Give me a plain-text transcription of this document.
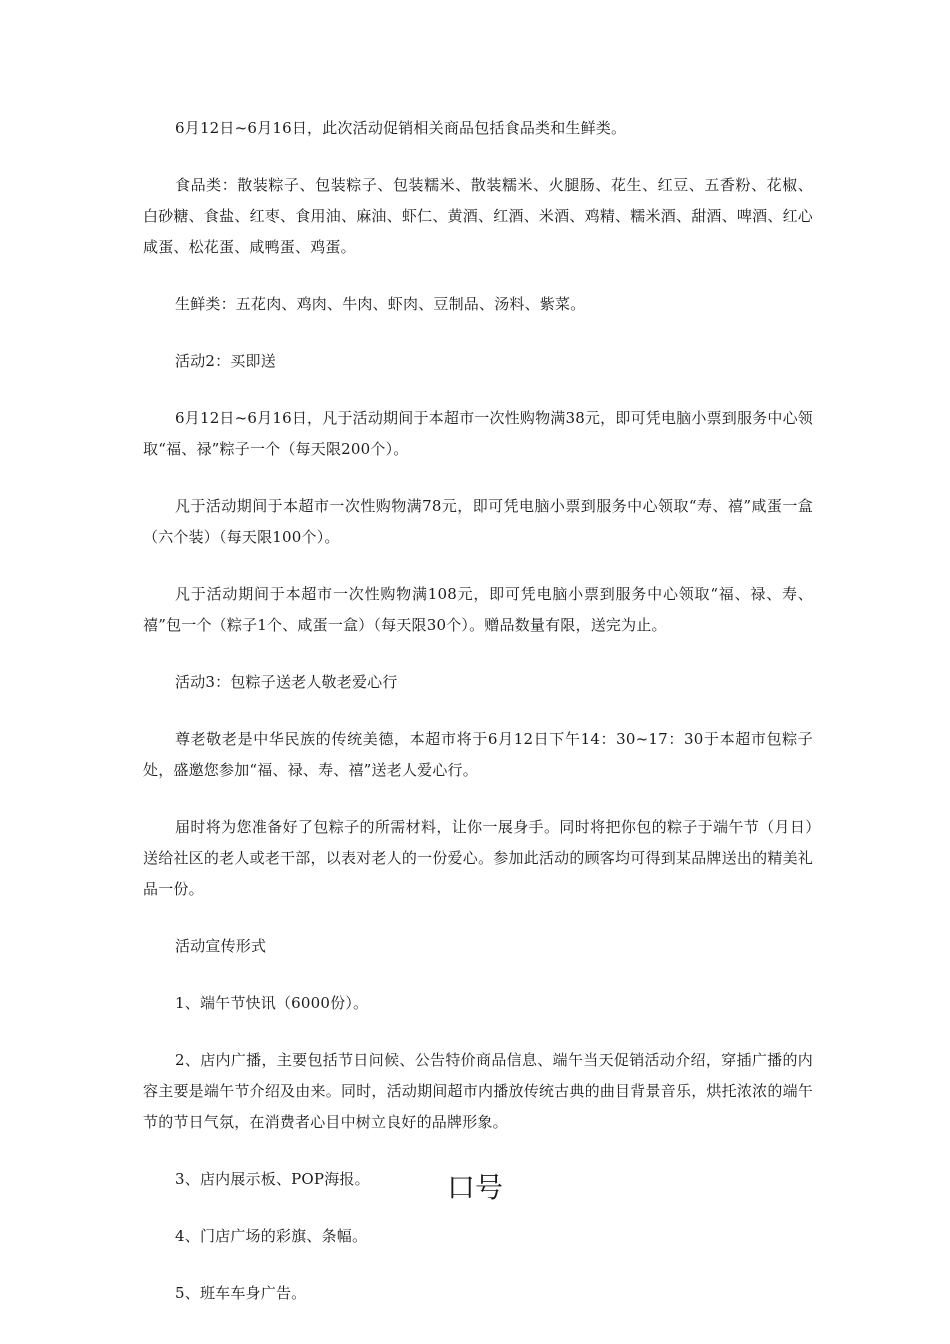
6月12日~6月16日，此次活动促销相关商品包括食品类和生鲜类。

食品类：散装粽子、包装粽子、包装糯米、散装糯米、火腿肠、花生、红豆、五香粉、花椒、白砂糖、食盐、红枣、食用油、麻油、虾仁、黄酒、红酒、米酒、鸡精、糯米酒、甜酒、啤酒、红心咸蛋、松花蛋、咸鸭蛋、鸡蛋。

生鲜类：五花肉、鸡肉、牛肉、虾肉、豆制品、汤料、紫菜。

活动2：买即送

6月12日~6月16日，凡于活动期间于本超市一次性购物满38元，即可凭电脑小票到服务中心领取“福、禄”粽子一个（每天限200个）。

凡于活动期间于本超市一次性购物满78元，即可凭电脑小票到服务中心领取“寿、禧”咸蛋一盒（六个装）（每天限100个）。

凡于活动期间于本超市一次性购物满108元，即可凭电脑小票到服务中心领取“福、禄、寿、禧”包一个（粽子1个、咸蛋一盒）（每天限30个）。赠品数量有限，送完为止。

活动3：包粽子送老人敬老爱心行

尊老敬老是中华民族的传统美德，本超市将于6月12日下午14：30~17：30于本超市包粽子处，盛邀您参加“福、禄、寿、禧”送老人爱心行。

届时将为您准备好了包粽子的所需材料，让你一展身手。同时将把你包的粽子于端午节（月日）送给社区的老人或老干部，以表对老人的一份爱心。参加此活动的顾客均可得到某品牌送出的精美礼品一份。

活动宣传形式

1、端午节快讯（6000份）。

2、店内广播，主要包括节日问候、公告特价商品信息、端午当天促销活动介绍，穿插广播的内容主要是端午节介绍及由来。同时，活动期间超市内播放传统古典的曲目背景音乐，烘托浓浓的端午节的节日气氛，在消费者心目中树立良好的品牌形象。

3、店内展示板、POP海报。

4、门店广场的彩旗、条幅。

5、班车车身广告。

口号
